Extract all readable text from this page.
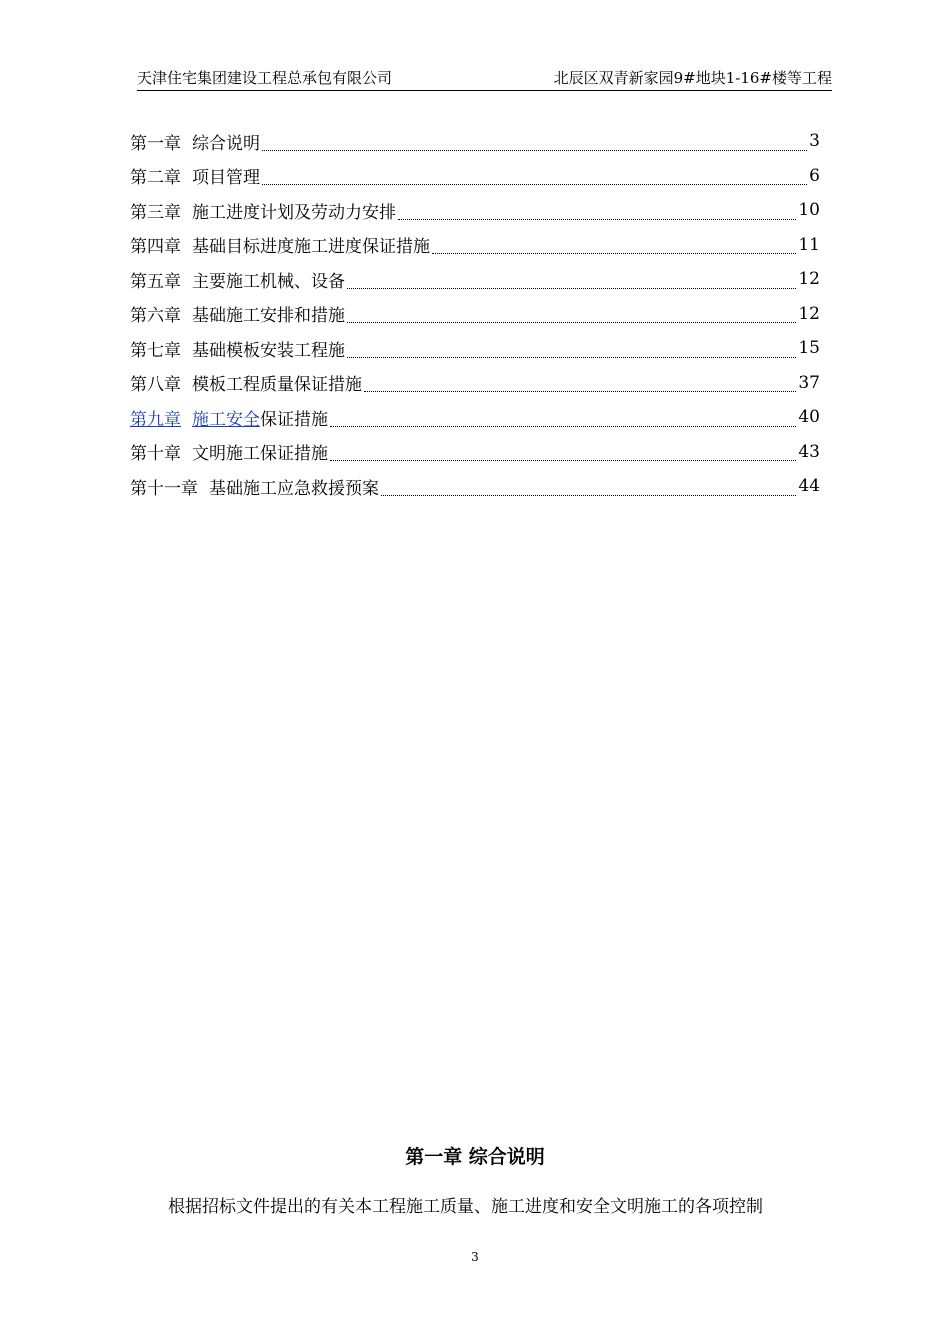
天津住宅集团建设工程总承包有限公司	北辰区双青新家园9#地块1-16#楼等工程
第一章 综合说明	3
第二章 项目管理	6
第三章 施工进度计划及劳动力安排	10
第四章 基础目标进度施工进度保证措施	11
第五章 主要施工机械、设备	12
第六章 基础施工安排和措施	12
第七章 基础模板安装工程施	15
第八章 模板工程质量保证措施	37
第九章 施工安全 保证措施	40
第十章 文明施工保证措施	43
第十一章 基础施工应急救援预案	44
第一章 综合说明
根据招标文件提出的有关本工程施工质量、施工进度和安全文明施工的各项控制
3
